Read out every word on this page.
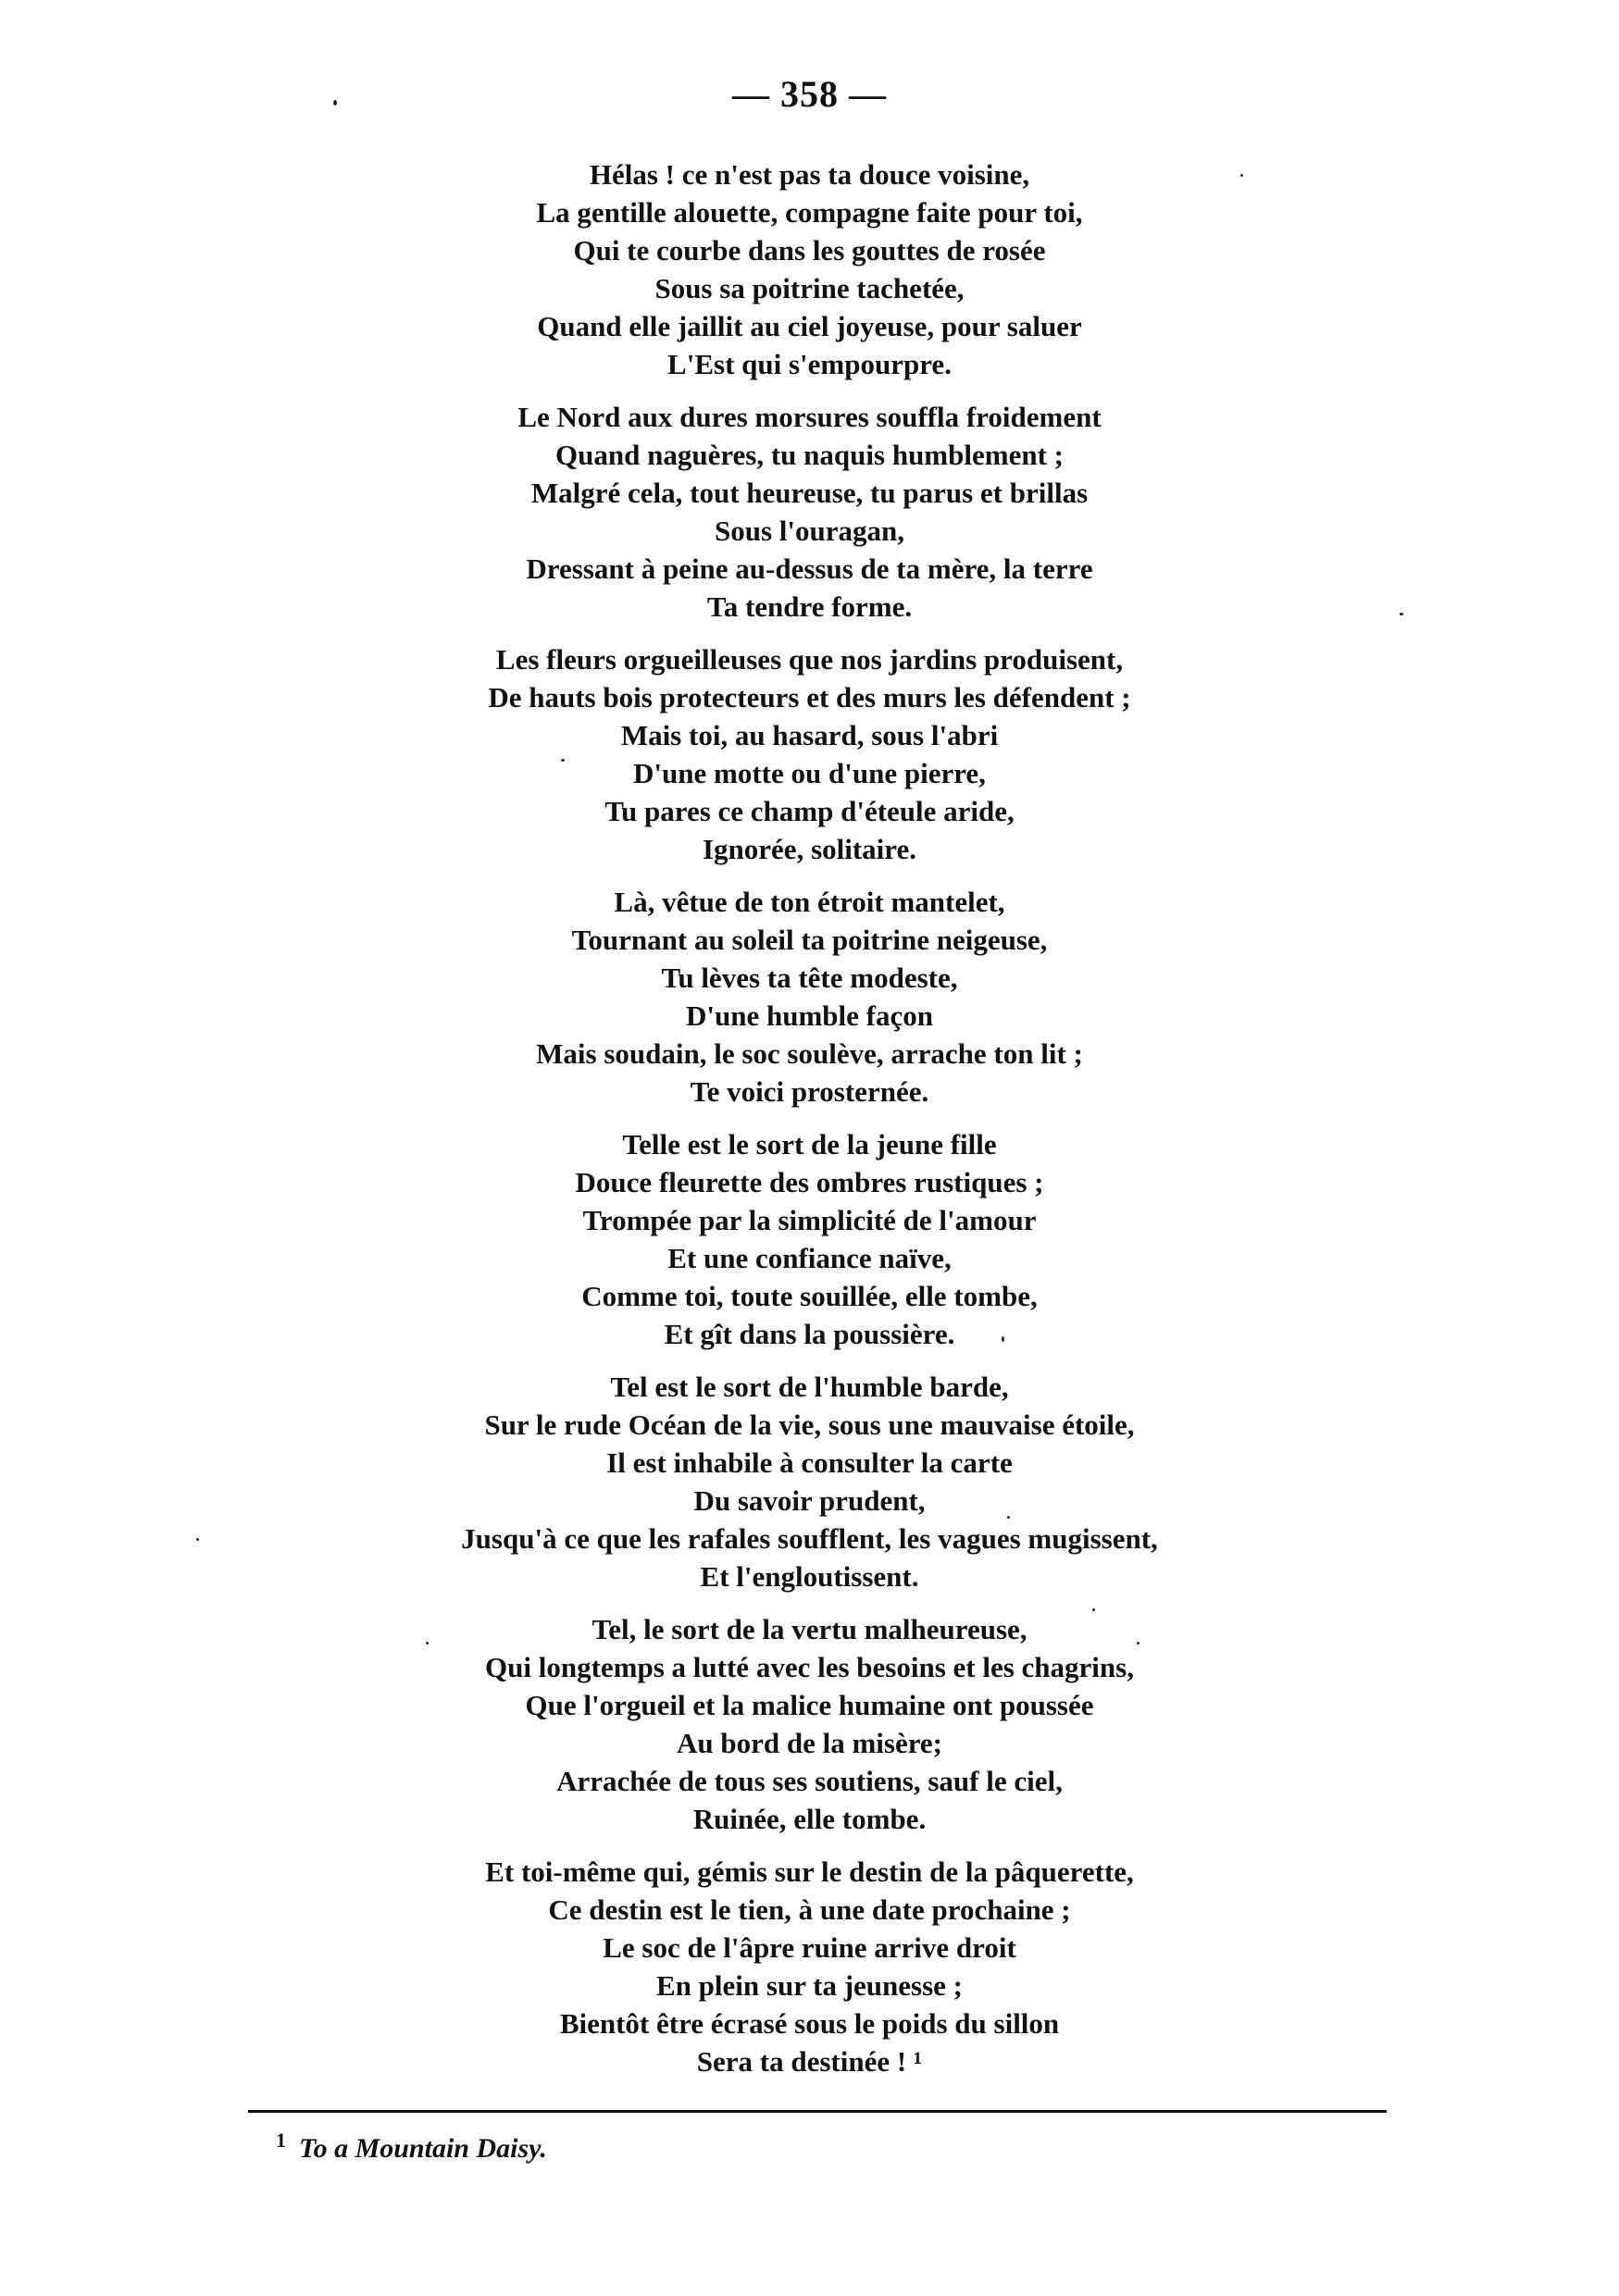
— 358 —
Hélas ! ce n'est pas ta douce voisine,
La gentille alouette, compagne faite pour toi,
Qui te courbe dans les gouttes de rosée
Sous sa poitrine tachetée,
Quand elle jaillit au ciel joyeuse, pour saluer
L'Est qui s'empourpre.
Le Nord aux dures morsures souffla froidement
Quand naguères, tu naquis humblement ;
Malgré cela, tout heureuse, tu parus et brillas
Sous l'ouragan,
Dressant à peine au-dessus de ta mère, la terre
Ta tendre forme.
Les fleurs orgueilleuses que nos jardins produisent,
De hauts bois protecteurs et des murs les défendent ;
Mais toi, au hasard, sous l'abri
D'une motte ou d'une pierre,
Tu pares ce champ d'éteule aride,
Ignorée, solitaire.
Là, vêtue de ton étroit mantelet,
Tournant au soleil ta poitrine neigeuse,
Tu lèves ta tête modeste,
D'une humble façon
Mais soudain, le soc soulève, arrache ton lit ;
Te voici prosternée.
Telle est le sort de la jeune fille
Douce fleurette des ombres rustiques ;
Trompée par la simplicité de l'amour
Et une confiance naïve,
Comme toi, toute souillée, elle tombe,
Et gît dans la poussière.
Tel est le sort de l'humble barde,
Sur le rude Océan de la vie, sous une mauvaise étoile,
Il est inhabile à consulter la carte
Du savoir prudent,
Jusqu'à ce que les rafales soufflent, les vagues mugissent,
Et l'engloutissent.
Tel, le sort de la vertu malheureuse,
Qui longtemps a lutté avec les besoins et les chagrins,
Que l'orgueil et la malice humaine ont poussée
Au bord de la misère;
Arrachée de tous ses soutiens, sauf le ciel,
Ruinée, elle tombe.
Et toi-même qui, gémis sur le destin de la pâquerette,
Ce destin est le tien, à une date prochaine ;
Le soc de l'âpre ruine arrive droit
En plein sur ta jeunesse ;
Bientôt être écrasé sous le poids du sillon
Sera ta destinée ! ¹
$^1$ To a Mountain Daisy.
